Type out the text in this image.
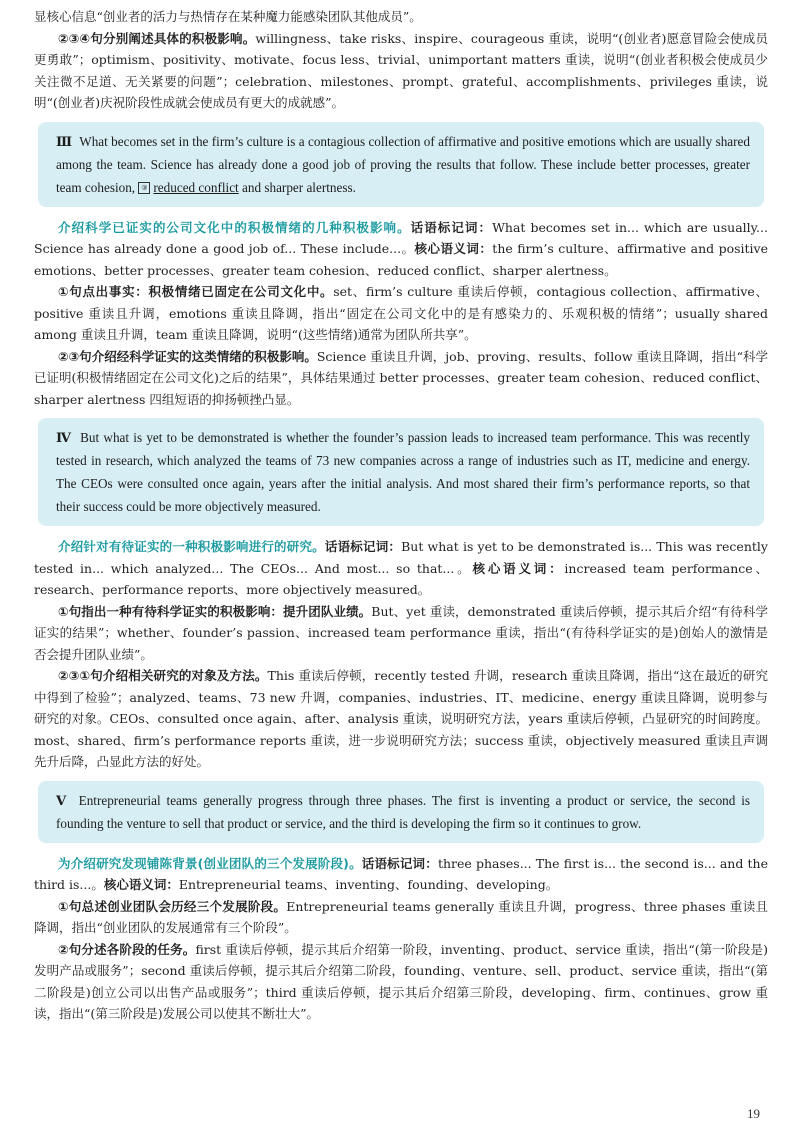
显核心信息“创业者的活力与热情存在某种魔力能感染团队其他成员”。

②③④句分别阐述具体的积极影响。willingness、take risks、inspire、courageous 重读，说明“(创业者)愿意冒险会使成员更勇敢”；optimism、positivity、motivate、focus less、trivial、unimportant matters 重读，说明“(创业者积极会使成员少关注微不足道、无关紧要的问题”；celebration、milestones、prompt、grateful、accomplishments、privileges 重读，说明“(创业者)庆祝阶段性成就会使成员有更大的成就感”。

Ⅲ What becomes set in the firm’s culture is a contagious collection of affirmative and positive emotions which are usually shared among the team. Science has already done a good job of proving the results that follow. These include better processes, greater team cohesion, ③ reduced conflict and sharper alertness.

介绍科学已证实的公司文化中的积极情绪的几种积极影响。话语标记词：What becomes set in... which are usually... Science has already done a good job of... These include...。核心语义词：the firm’s culture、affirmative and positive emotions、better processes、greater team cohesion、reduced conflict、sharper alertness。

①句点出事实：积极情绪已固定在公司文化中。set、firm’s culture 重读后停顿，contagious collection、affirmative、positive 重读且升调，emotions 重读且降调，指出“固定在公司文化中的是有感染力的、乐观积极的情绪”；usually shared among 重读且升调，team 重读且降调，说明“(这些情绪)通常为团队所共享”。

②③句介绍经科学证实的这类情绪的积极影响。Science 重读且升调，job、proving、results、follow 重读且降调，指出“科学已证明(积极情绪固定在公司文化)之后的结果”，具体结果通过 better processes、greater team cohesion、reduced conflict、sharper alertness 四组短语的抑扬顿挫凸显。

Ⅳ But what is yet to be demonstrated is whether the founder’s passion leads to increased team performance. This was recently tested in research, which analyzed the teams of 73 new companies across a range of industries such as IT, medicine and energy. The CEOs were consulted once again, years after the initial analysis. And most shared their firm’s performance reports, so that their success could be more objectively measured.

介绍针对有待证实的一种积极影响进行的研究。话语标记词：But what is yet to be demonstrated is... This was recently tested in... which analyzed... The CEOs... And most... so that...。核心语义词：increased team performance、research、performance reports、more objectively measured。

①句指出一种有待科学证实的积极影响：提升团队业绩。But、yet 重读，demonstrated 重读后停顿，提示其后介绍“有待科学证实的结果”；whether、founder’s passion、increased team performance 重读，指出“(有待科学证实的是)创始人的激情是否会提升团队业绩”。

②③①句介绍相关研究的对象及方法。This 重读后停顿，recently tested 升调，research 重读且降调，指出“这在最近的研究中得到了检验”；analyzed、teams、73 new 升调，companies、industries、IT、medicine、energy 重读且降调，说明参与研究的对象。CEOs、consulted once again、after、analysis 重读，说明研究方法，years 重读后停顿，凸显研究的时间跨度。most、shared、firm’s performance reports 重读，进一步说明研究方法；success 重读，objectively measured 重读且声调先升后降，凸显此方法的好处。

Ⅴ Entrepreneurial teams generally progress through three phases. The first is inventing a product or service, the second is founding the venture to sell that product or service, and the third is developing the firm so it continues to grow.

为介绍研究发现铺陈背景(创业团队的三个发展阶段)。话语标记词：three phases... The first is... the second is... and the third is...。核心语义词：Entrepreneurial teams、inventing、founding、developing。

①句总述创业团队会历经三个发展阶段。Entrepreneurial teams generally 重读且升调，progress、three phases 重读且降调，指出“创业团队的发展通常有三个阶段”。

②句分述各阶段的任务。first 重读后停顿，提示其后介绍第一阶段，inventing、product、service 重读，指出“(第一阶段是)发明产品或服务”；second 重读后停顿，提示其后介绍第二阶段，founding、venture、sell、product、service 重读，指出“(第二阶段是)创立公司以出售产品或服务”；third 重读后停顿，提示其后介绍第三阶段，developing、firm、continues、grow 重读，指出“(第三阶段是)发展公司以使其不断壮大”。

19
